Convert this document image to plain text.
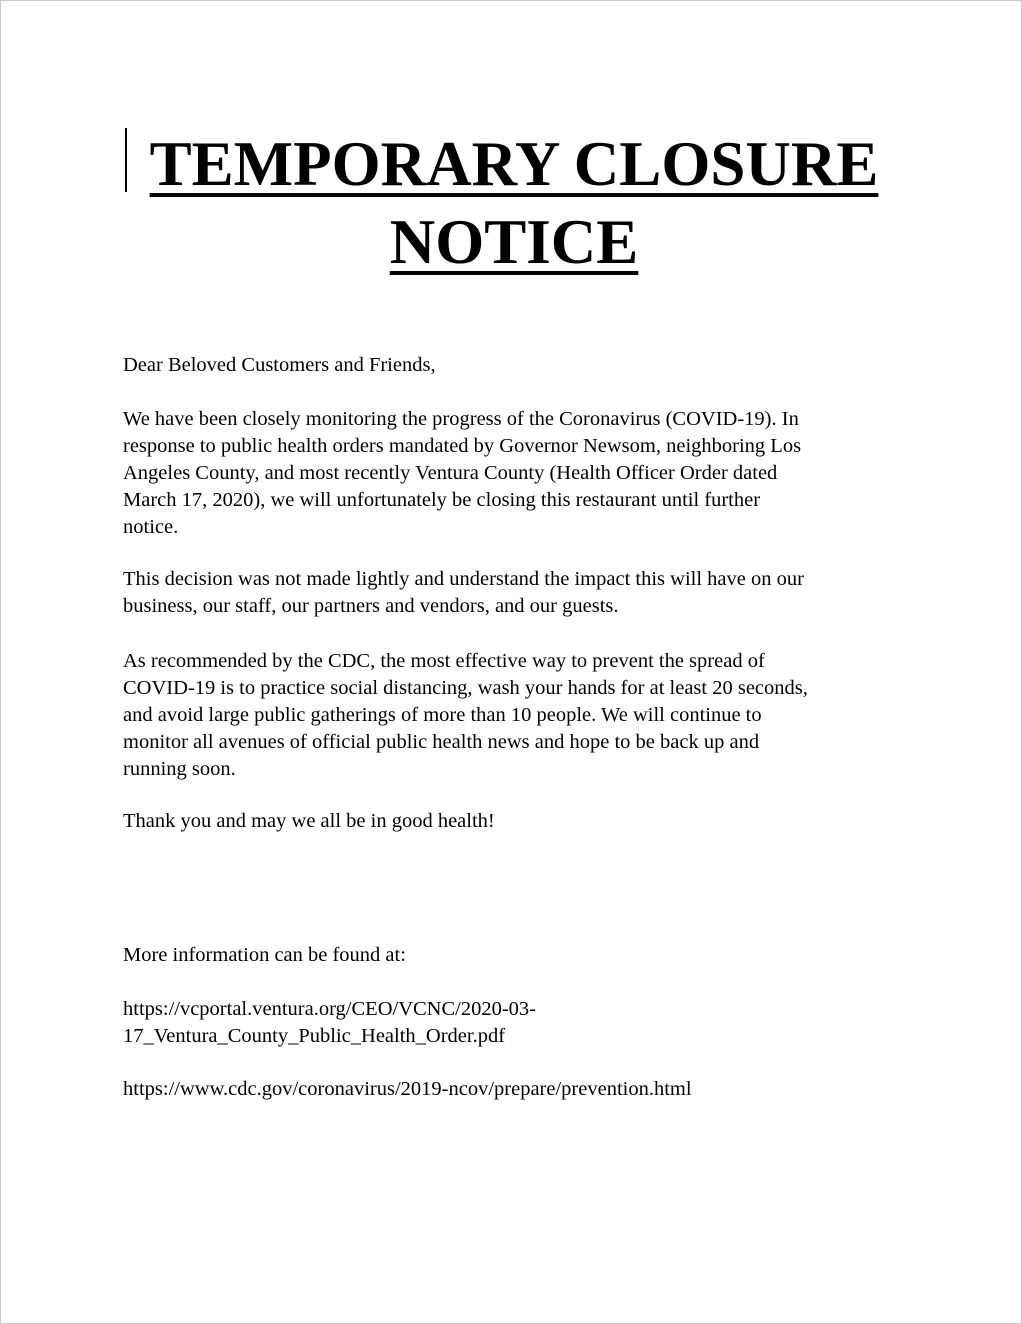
TEMPORARY CLOSURE
NOTICE

Dear Beloved Customers and Friends,

We have been closely monitoring the progress of the Coronavirus (COVID-19). In
response to public health orders mandated by Governor Newsom, neighboring Los
Angeles County, and most recently Ventura County (Health Officer Order dated
March 17, 2020), we will unfortunately be closing this restaurant until further
notice.

This decision was not made lightly and understand the impact this will have on our
business, our staff, our partners and vendors, and our guests.

As recommended by the CDC, the most effective way to prevent the spread of
COVID-19 is to practice social distancing, wash your hands for at least 20 seconds,
and avoid large public gatherings of more than 10 people. We will continue to
monitor all avenues of official public health news and hope to be back up and
running soon.

Thank you and may we all be in good health!

More information can be found at:

https://vcportal.ventura.org/CEO/VCNC/2020-03-
17_Ventura_County_Public_Health_Order.pdf

https://www.cdc.gov/coronavirus/2019-ncov/prepare/prevention.html
